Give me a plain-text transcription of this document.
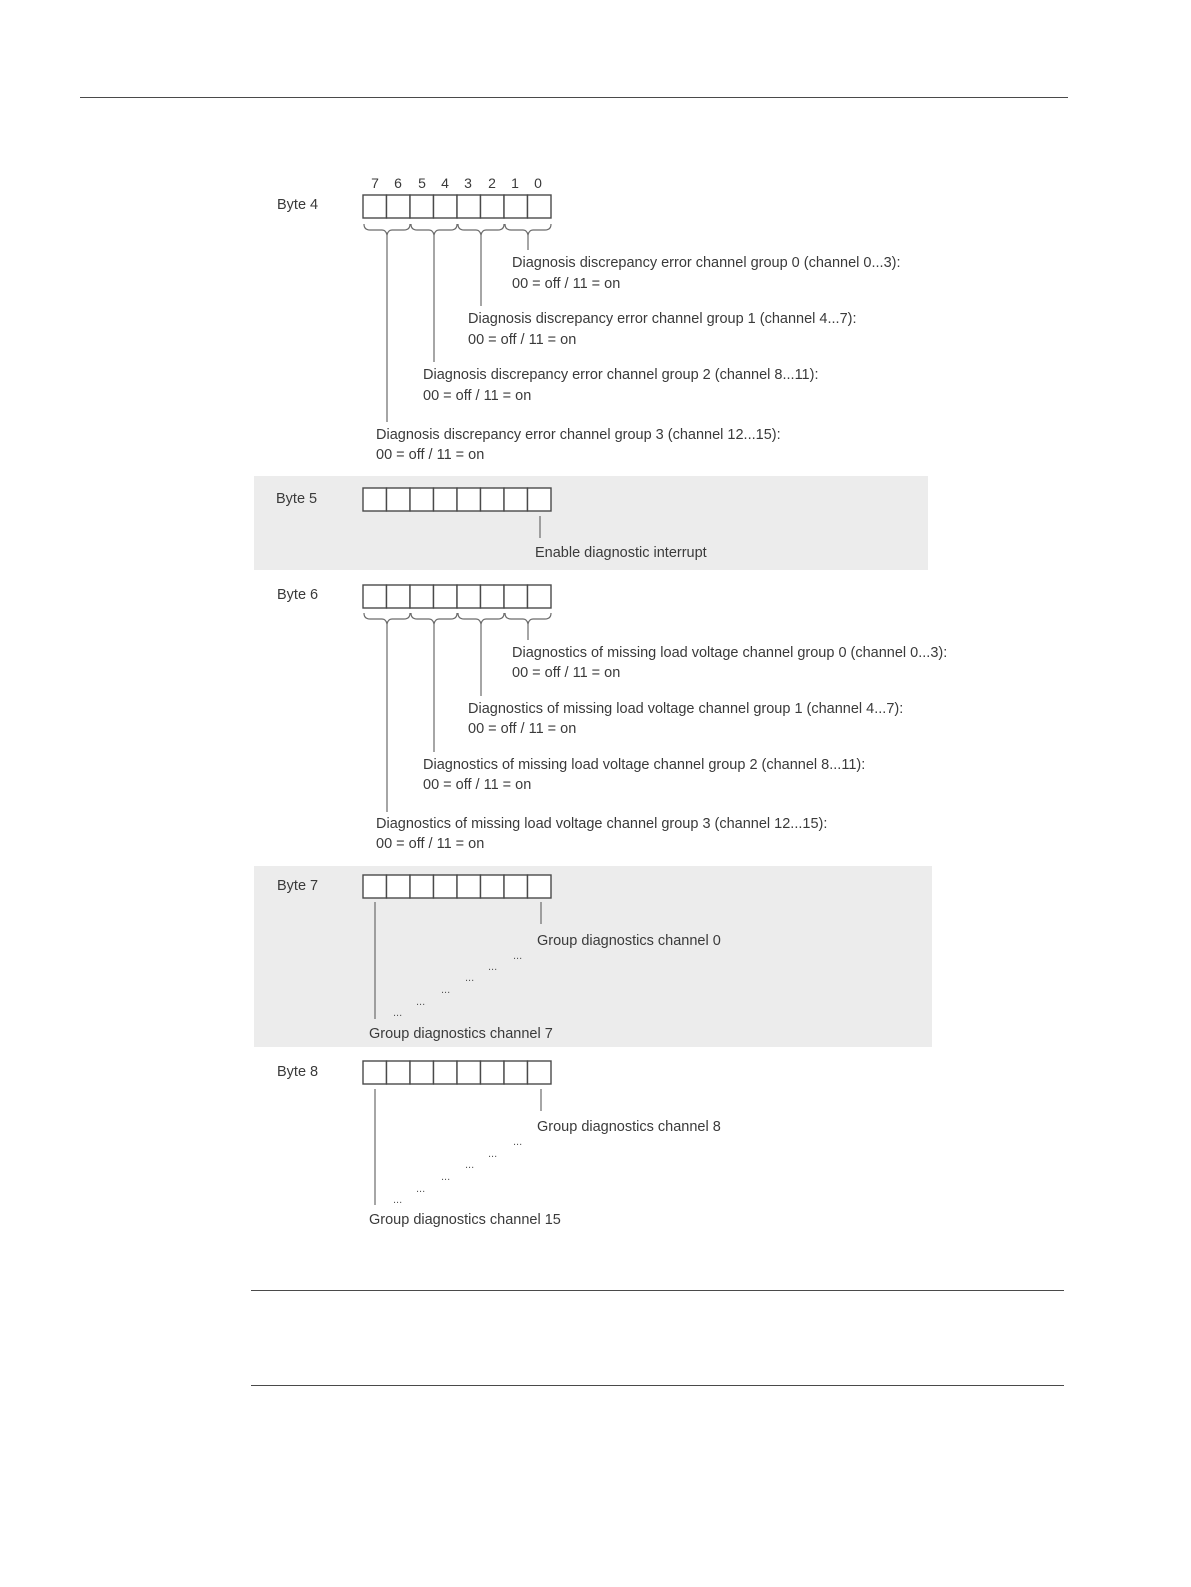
7 6 5 4 3 2 1 0
Byte 4
Diagnosis discrepancy error channel group 0 (channel 0...3):
00 = off / 11 = on
Diagnosis discrepancy error channel group 1 (channel 4...7):
00 = off / 11 = on
Diagnosis discrepancy error channel group 2 (channel 8...11):
00 = off / 11 = on
Diagnosis discrepancy error channel group 3 (channel 12...15):
00 = off / 11 = on
Byte 5
Enable diagnostic interrupt
Byte 6
Diagnostics of missing load voltage channel group 0 (channel 0...3):
00 = off / 11 = on
Diagnostics of missing load voltage channel group 1 (channel 4...7):
00 = off / 11 = on
Diagnostics of missing load voltage channel group 2 (channel 8...11):
00 = off / 11 = on
Diagnostics of missing load voltage channel group 3 (channel 12...15):
00 = off / 11 = on
Byte 7
Group diagnostics channel 0
...
...
...
...
...
...
Group diagnostics channel 7
Byte 8
Group diagnostics channel 8
...
...
...
...
...
...
Group diagnostics channel 15
